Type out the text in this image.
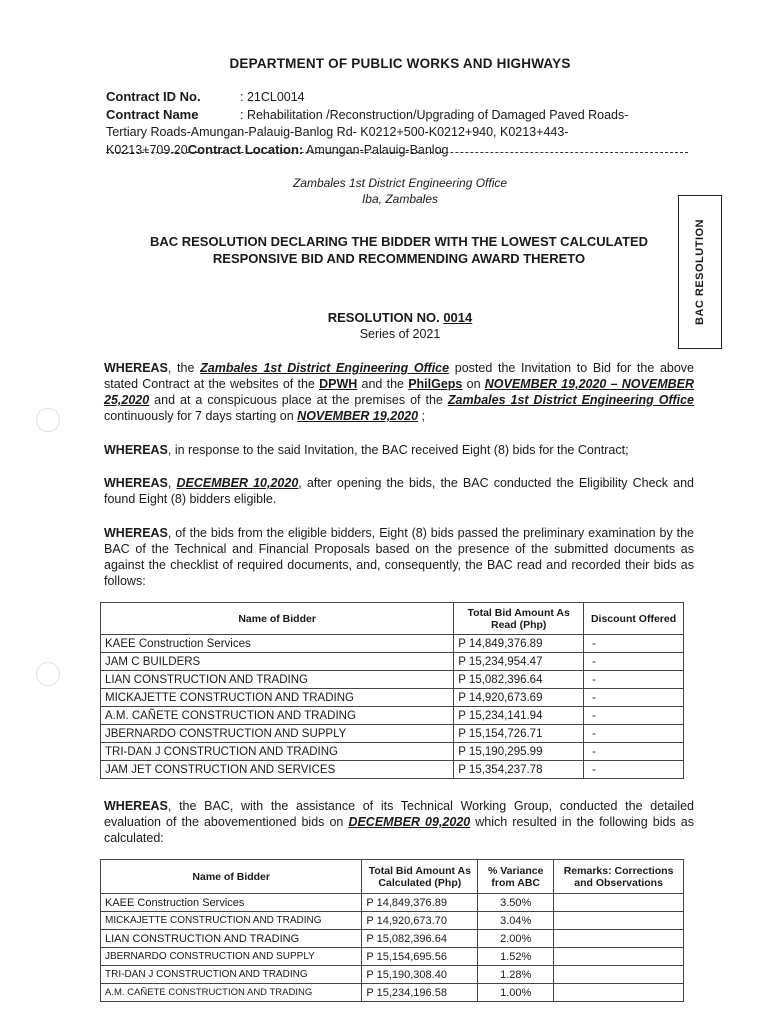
DEPARTMENT OF PUBLIC WORKS AND HIGHWAYS
Contract ID No.	: 21CL0014
Contract Name	: Rehabilitation /Reconstruction/Upgrading of Damaged Paved Roads-
Tertiary Roads-Amungan-Palauig-Banlog Rd- K0212+500-K0212+940, K0213+443-
K0213+709.20Contract Location: Amungan-Palauig-Banlog
Zambales 1st District Engineering Office
Iba, Zambales
BAC RESOLUTION DECLARING THE BIDDER WITH THE LOWEST CALCULATED
RESPONSIVE BID AND RECOMMENDING AWARD THERETO	BAC RESOLUTION
RESOLUTION NO. 0014
Series of 2021
WHEREAS, the Zambales 1st District Engineering Office posted the Invitation to Bid for the above stated Contract at the websites of the DPWH and the PhilGeps on NOVEMBER 19,2020 – NOVEMBER 25,2020 and at a conspicuous place at the premises of the Zambales 1st District Engineering Office continuously for 7 days starting on NOVEMBER 19,2020 ;
WHEREAS, in response to the said Invitation, the BAC received Eight (8) bids for the Contract;
WHEREAS, DECEMBER 10,2020, after opening the bids, the BAC conducted the Eligibility Check and found Eight (8) bidders eligible.
WHEREAS, of the bids from the eligible bidders, Eight (8) bids passed the preliminary examination by the BAC of the Technical and Financial Proposals based on the presence of the submitted documents as against the checklist of required documents, and, consequently, the BAC read and recorded their bids as follows:
Name of Bidder	Total Bid Amount As Read (Php)	Discount Offered
KAEE Construction Services	P 14,849,376.89	-
JAM C BUILDERS	P 15,234,954.47	-
LIAN CONSTRUCTION AND TRADING	P 15,082,396.64	-
MICKAJETTE CONSTRUCTION AND TRADING	P 14,920,673.69	-
A.M. CAÑETE CONSTRUCTION AND TRADING	P 15,234,141.94	-
JBERNARDO CONSTRUCTION AND SUPPLY	P 15,154,726.71	-
TRI-DAN J CONSTRUCTION AND TRADING	P 15,190,295.99	-
JAM JET CONSTRUCTION AND SERVICES	P 15,354,237.78	-
WHEREAS, the BAC, with the assistance of its Technical Working Group, conducted the detailed evaluation of the abovementioned bids on DECEMBER 09,2020 which resulted in the following bids as calculated:
Name of Bidder	Total Bid Amount As Calculated (Php)	% Variance from ABC	Remarks: Corrections and Observations
KAEE Construction Services	P 14,849,376.89	3.50%	
MICKAJETTE CONSTRUCTION AND TRADING	P 14,920,673.70	3.04%	
LIAN CONSTRUCTION AND TRADING	P 15,082,396.64	2.00%	
JBERNARDO CONSTRUCTION AND SUPPLY	P 15,154,695.56	1.52%	
TRI-DAN J CONSTRUCTION AND TRADING	P 15,190,308.40	1.28%	
A.M. CAÑETE CONSTRUCTION AND TRADING	P 15,234,196.58	1.00%	
